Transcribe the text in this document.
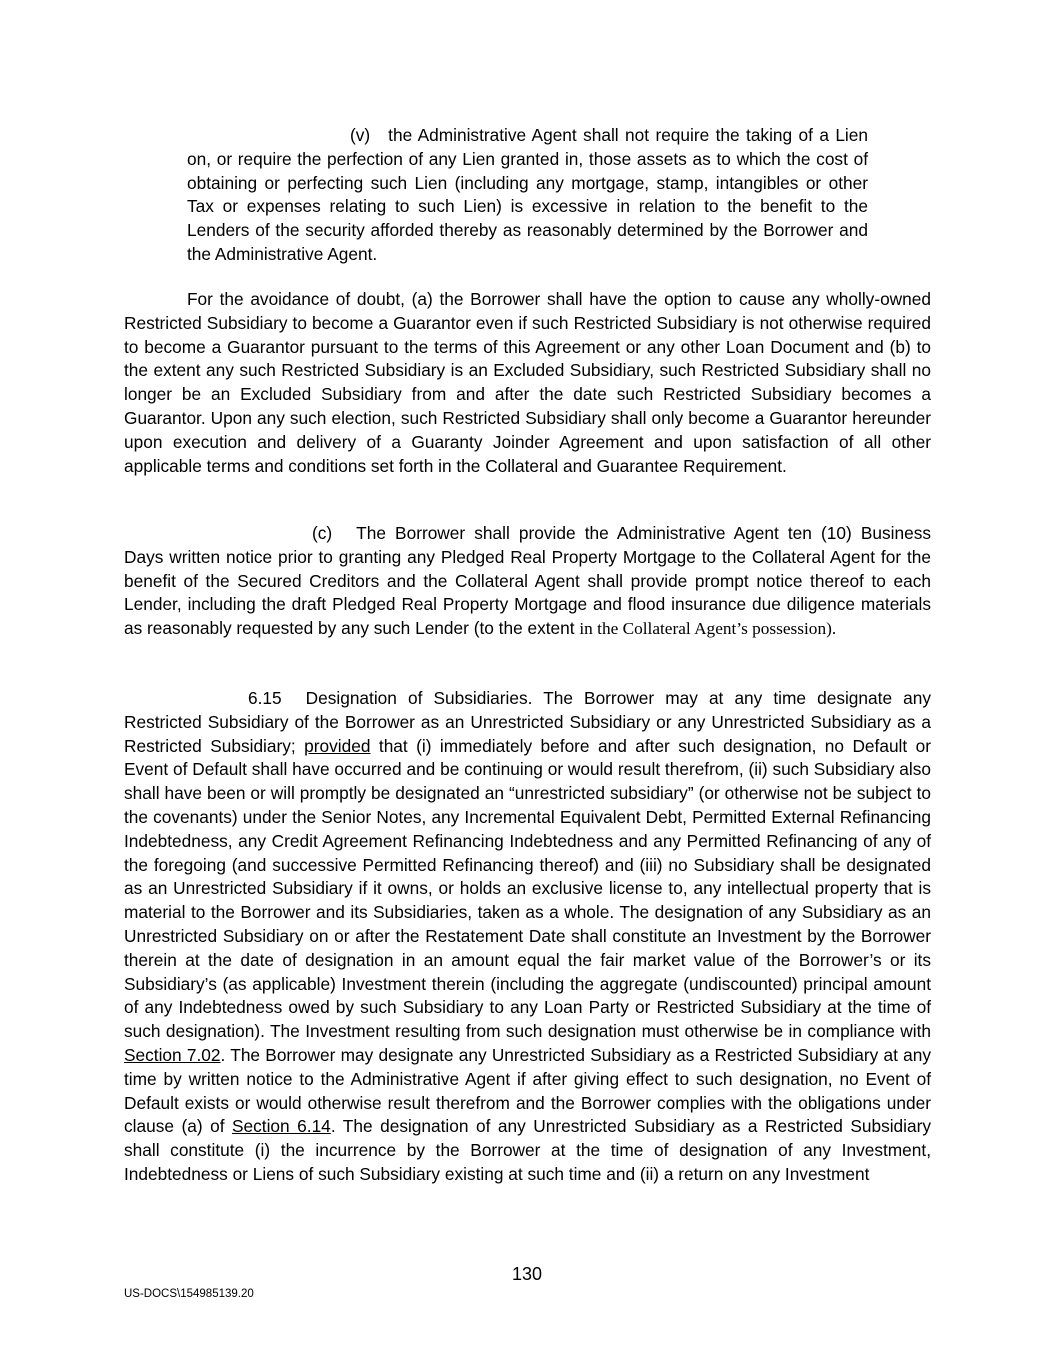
(v) the Administrative Agent shall not require the taking of a Lien on, or require the perfection of any Lien granted in, those assets as to which the cost of obtaining or perfecting such Lien (including any mortgage, stamp, intangibles or other Tax or expenses relating to such Lien) is excessive in relation to the benefit to the Lenders of the security afforded thereby as reasonably determined by the Borrower and the Administrative Agent.

For the avoidance of doubt, (a) the Borrower shall have the option to cause any wholly-owned Restricted Subsidiary to become a Guarantor even if such Restricted Subsidiary is not otherwise required to become a Guarantor pursuant to the terms of this Agreement or any other Loan Document and (b) to the extent any such Restricted Subsidiary is an Excluded Subsidiary, such Restricted Subsidiary shall no longer be an Excluded Subsidiary from and after the date such Restricted Subsidiary becomes a Guarantor. Upon any such election, such Restricted Subsidiary shall only become a Guarantor hereunder upon execution and delivery of a Guaranty Joinder Agreement and upon satisfaction of all other applicable terms and conditions set forth in the Collateral and Guarantee Requirement.

(c) The Borrower shall provide the Administrative Agent ten (10) Business Days written notice prior to granting any Pledged Real Property Mortgage to the Collateral Agent for the benefit of the Secured Creditors and the Collateral Agent shall provide prompt notice thereof to each Lender, including the draft Pledged Real Property Mortgage and flood insurance due diligence materials as reasonably requested by any such Lender (to the extent in the Collateral Agent’s possession).

6.15 Designation of Subsidiaries. The Borrower may at any time designate any Restricted Subsidiary of the Borrower as an Unrestricted Subsidiary or any Unrestricted Subsidiary as a Restricted Subsidiary; provided that (i) immediately before and after such designation, no Default or Event of Default shall have occurred and be continuing or would result therefrom, (ii) such Subsidiary also shall have been or will promptly be designated an “unrestricted subsidiary” (or otherwise not be subject to the covenants) under the Senior Notes, any Incremental Equivalent Debt, Permitted External Refinancing Indebtedness, any Credit Agreement Refinancing Indebtedness and any Permitted Refinancing of any of the foregoing (and successive Permitted Refinancing thereof) and (iii) no Subsidiary shall be designated as an Unrestricted Subsidiary if it owns, or holds an exclusive license to, any intellectual property that is material to the Borrower and its Subsidiaries, taken as a whole. The designation of any Subsidiary as an Unrestricted Subsidiary on or after the Restatement Date shall constitute an Investment by the Borrower therein at the date of designation in an amount equal the fair market value of the Borrower’s or its Subsidiary’s (as applicable) Investment therein (including the aggregate (undiscounted) principal amount of any Indebtedness owed by such Subsidiary to any Loan Party or Restricted Subsidiary at the time of such designation). The Investment resulting from such designation must otherwise be in compliance with Section 7.02. The Borrower may designate any Unrestricted Subsidiary as a Restricted Subsidiary at any time by written notice to the Administrative Agent if after giving effect to such designation, no Event of Default exists or would otherwise result therefrom and the Borrower complies with the obligations under clause (a) of Section 6.14. The designation of any Unrestricted Subsidiary as a Restricted Subsidiary shall constitute (i) the incurrence by the Borrower at the time of designation of any Investment, Indebtedness or Liens of such Subsidiary existing at such time and (ii) a return on any Investment

130
US-DOCS\154985139.20
